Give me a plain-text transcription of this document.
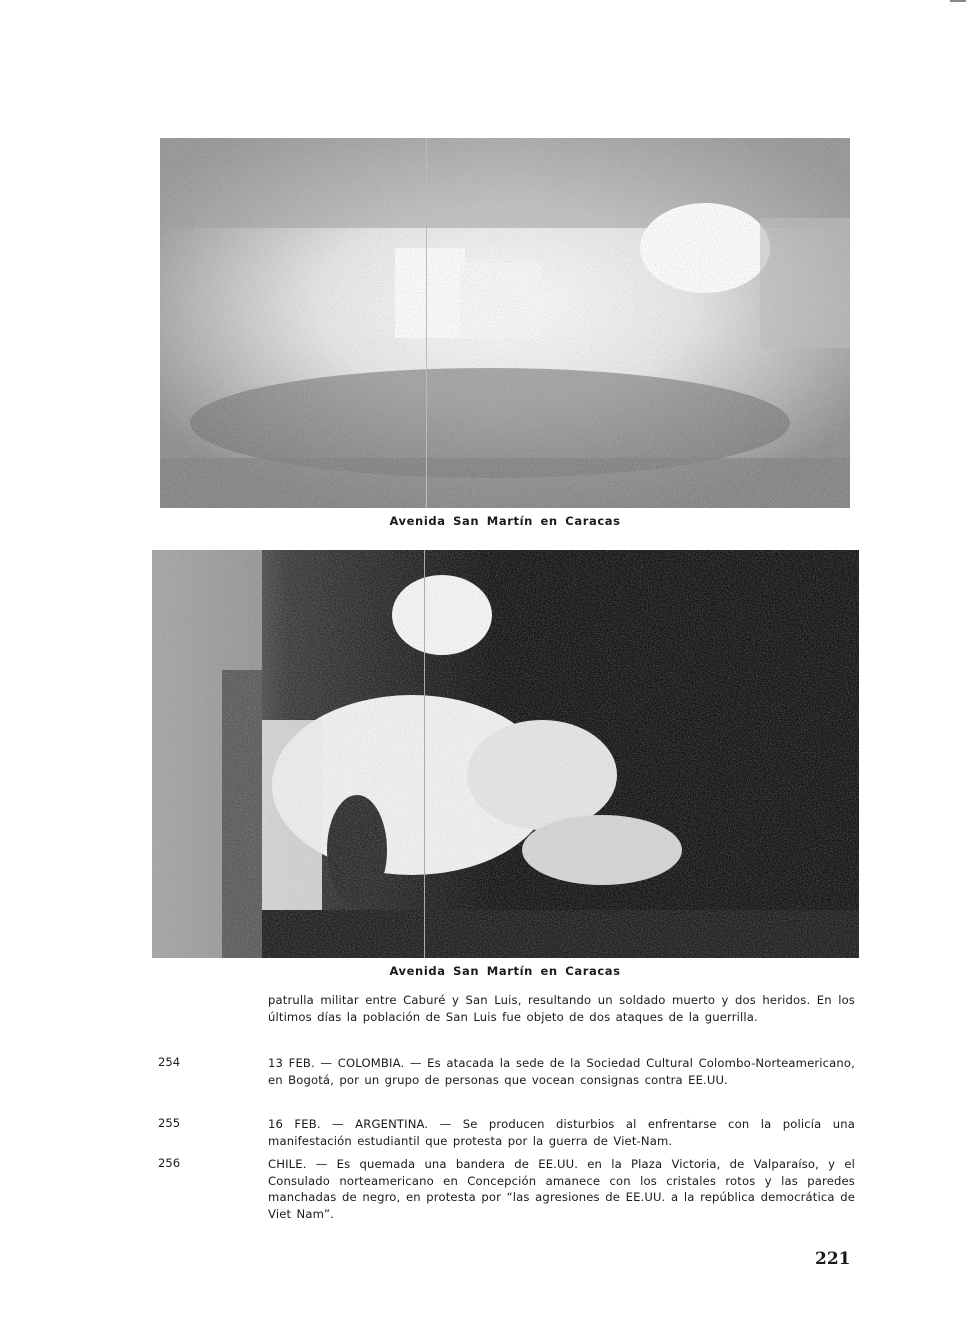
Avenida San Martín en Caracas
Avenida San Martín en Caracas
patrulla militar entre Caburé y San Luis, resultando un soldado muerto y dos heridos. En los últimos días la población de San Luis fue objeto de dos ataques de la guerrilla.
254	13 FEB. — COLOMBIA. — Es atacada la sede de la Sociedad Cultural Colombo-Norteamericano, en Bogotá, por un grupo de personas que vocean consignas contra EE.UU.
255	16 FEB. — ARGENTINA. — Se producen disturbios al enfrentarse con la policía una manifestación estudiantil que protesta por la guerra de Viet-Nam.
256	CHILE. — Es quemada una bandera de EE.UU. en la Plaza Victoria, de Valparaíso, y el Consulado norteamericano en Concepción amanece con los cristales rotos y las paredes manchadas de negro, en protesta por “las agresiones de EE.UU. a la república democrática de Viet Nam”.
221
